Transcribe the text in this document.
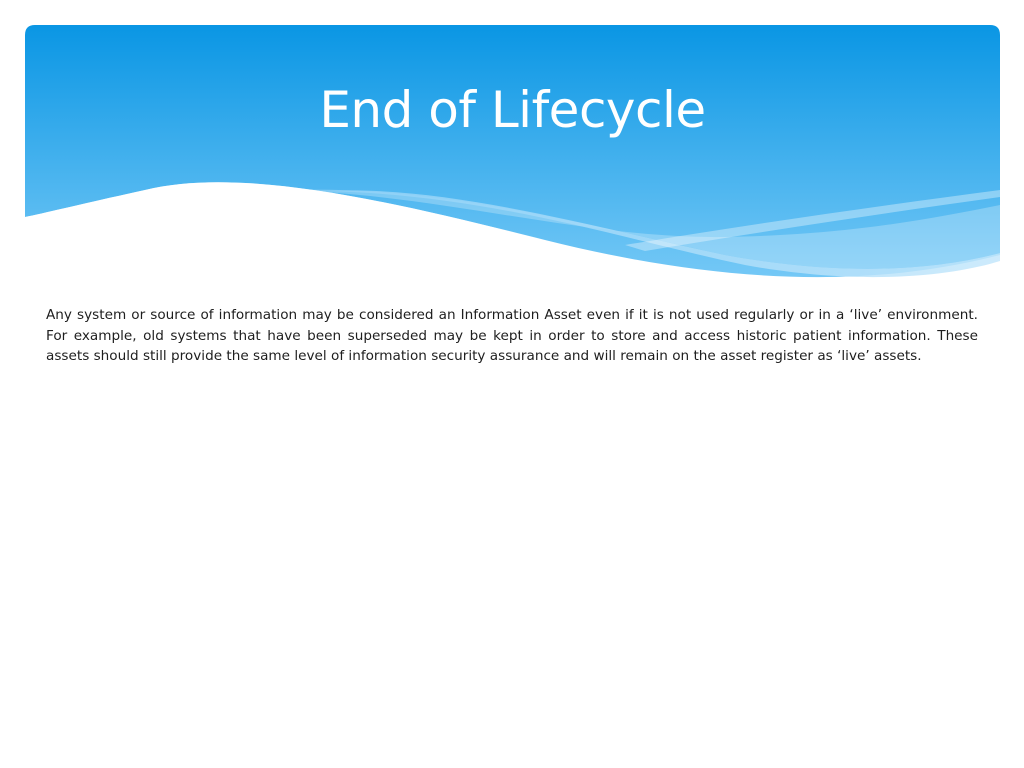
End of Lifecycle

Any system or source of information may be considered an Information Asset even if it is not used regularly or in a ‘live’ environment. For example, old systems that have been superseded may be kept in order to store and access historic patient information. These assets should still provide the same level of information security assurance and will remain on the asset register as ‘live’ assets.
